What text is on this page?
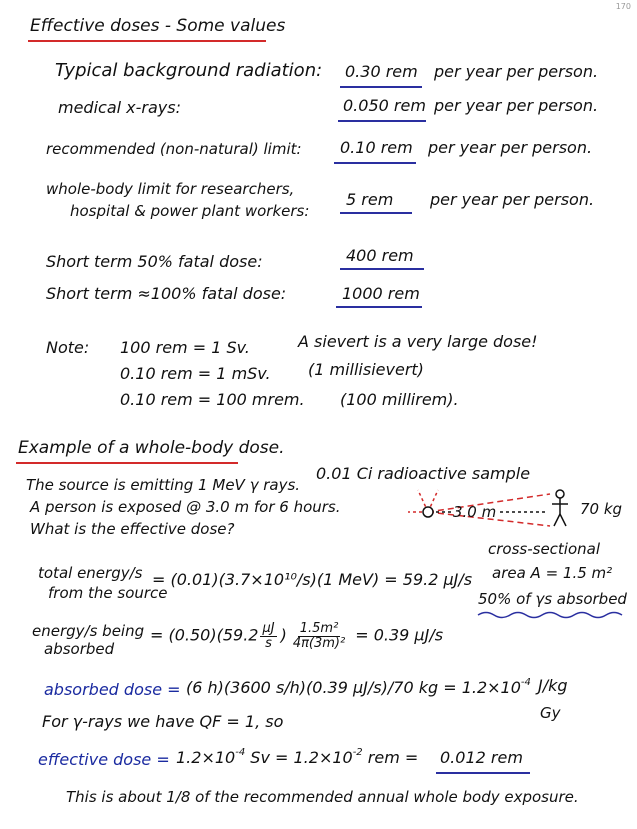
170
Effective doses - Some values
Typical background radiation: 0.30 rem per year per person.
medical x-rays:	0.050 rem per year per person.
recommended (non-natural) limit: 0.10 rem per year per person.
whole-body limit for researchers,
hospital & power plant workers:
5 rem per year per person.
Short term 50% fatal dose:	400 rem
Short term ≈100% fatal dose:	1000 rem
Note: 100 rem = 1 Sv.	A sievert is a very large dose!
0.10 rem = 1 mSv. (1 millisievert)
0.10 rem = 100 mrem. (100 millirem).
Example of a whole-body dose.
The source is emitting 1 MeV γ rays.
A person is exposed @ 3.0 m for 6 hours.
What is the effective dose?
0.01 Ci radioactive sample
3.0 m	70 kg
cross-sectional
area A = 1.5 m²
50% of γs absorbed
total energy/s
from the source
= (0.01)(3.7×10¹⁰/s)(1 MeV) = 59.2 μJ/s
energy/s being
absorbed
= $(0.50)(59.2 \frac{\mu J}{s}$ ) $\frac{\text{1.5m²}}{\text{4π(3m)²}} = 0.39$ μJ/s
absorbed dose = (6 h)(3600 s/h)(0.39 μJ/s)/70 kg = $1.2\times 10^{-4}$ J/kg
Gy
For γ-rays we have QF = 1, so
effective dose = $1.2\times 10^{-4}$ $Sv = 1.2\times 10^{-2}$ rem = 0.012 rem
This is about 1/8 of the recommended annual whole body exposure.
